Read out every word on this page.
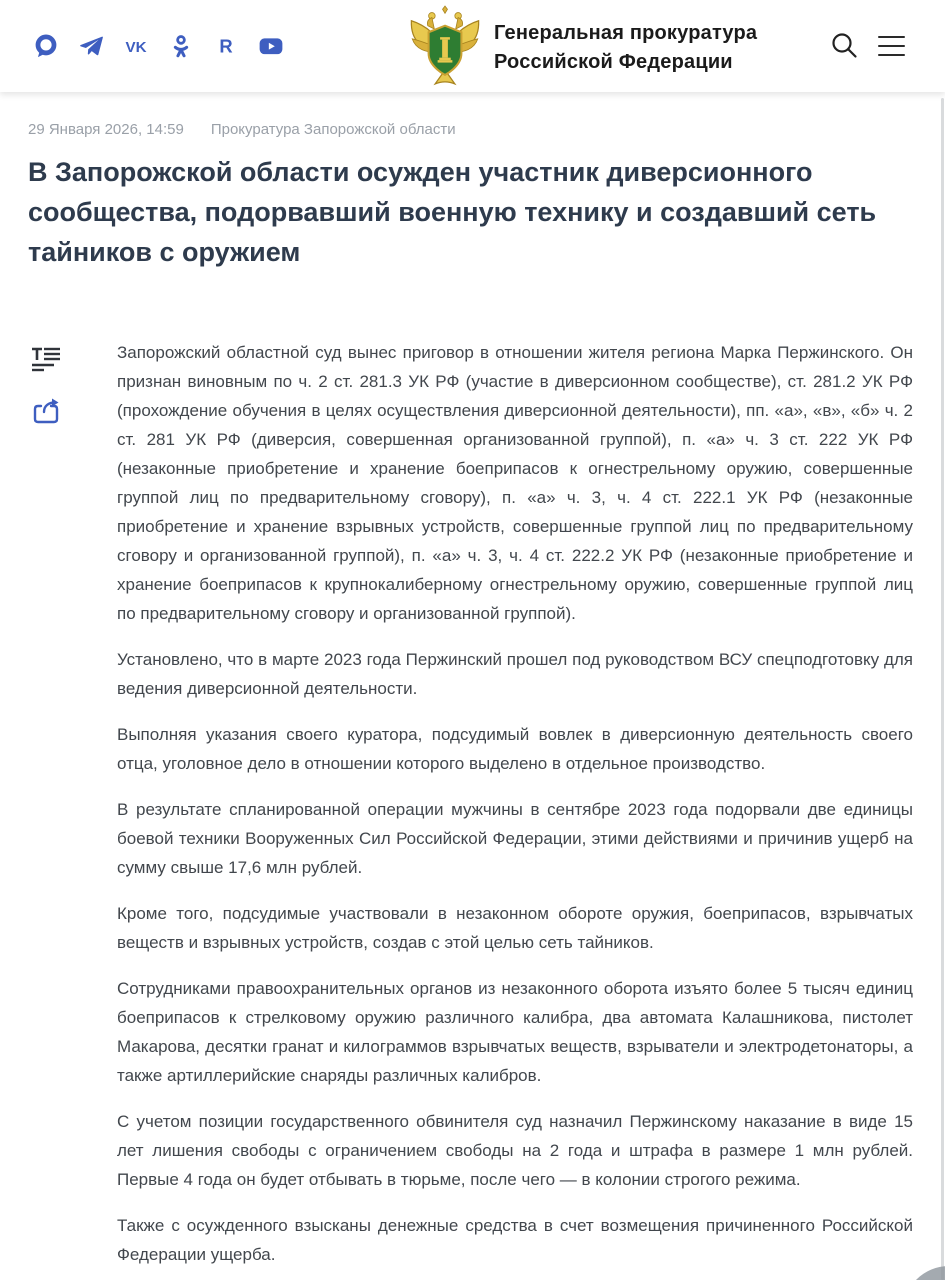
VK	R
Генеральная прокуратура
Российской Федерации
29 Января 2026, 14:59 Прокуратура Запорожской области
В Запорожской области осужден участник диверсионного сообщества, подорвавший военную технику и создавший сеть тайников с оружием

Запорожский областной суд вынес приговор в отношении жителя региона Марка Пержинского. Он признан виновным по ч. 2 ст. 281.3 УК РФ (участие в диверсионном сообществе), ст. 281.2 УК РФ (прохождение обучения в целях осуществления диверсионной деятельности), пп. «а», «в», «б» ч. 2 ст. 281 УК РФ (диверсия, совершенная организованной группой), п. «а» ч. 3 ст. 222 УК РФ (незаконные приобретение и хранение боеприпасов к огнестрельному оружию, совершенные группой лиц по предварительному сговору), п. «а» ч. 3, ч. 4 ст. 222.1 УК РФ (незаконные приобретение и хранение взрывных устройств, совершенные группой лиц по предварительному сговору и организованной группой), п. «а» ч. 3, ч. 4 ст. 222.2 УК РФ (незаконные приобретение и хранение боеприпасов к крупнокалиберному огнестрельному оружию, совершенные группой лиц по предварительному сговору и организованной группой).

Установлено, что в марте 2023 года Пержинский прошел под руководством ВСУ спецподготовку для ведения диверсионной деятельности.

Выполняя указания своего куратора, подсудимый вовлек в диверсионную деятельность своего отца, уголовное дело в отношении которого выделено в отдельное производство.

В результате спланированной операции мужчины в сентябре 2023 года подорвали две единицы боевой техники Вооруженных Сил Российской Федерации, этими действиями и причинив ущерб на сумму свыше 17,6 млн рублей.

Кроме того, подсудимые участвовали в незаконном обороте оружия, боеприпасов, взрывчатых веществ и взрывных устройств, создав с этой целью сеть тайников.

Сотрудниками правоохранительных органов из незаконного оборота изъято более 5 тысяч единиц боеприпасов к стрелковому оружию различного калибра, два автомата Калашникова, пистолет Макарова, десятки гранат и килограммов взрывчатых веществ, взрыватели и электродетонаторы, а также артиллерийские снаряды различных калибров.

С учетом позиции государственного обвинителя суд назначил Пержинскому наказание в виде 15 лет лишения свободы с ограничением свободы на 2 года и штрафа в размере 1 млн рублей. Первые 4 года он будет отбывать в тюрьме, после чего — в колонии строгого режима.

Также с осужденного взысканы денежные средства в счет возмещения причиненного Российской Федерации ущерба.
